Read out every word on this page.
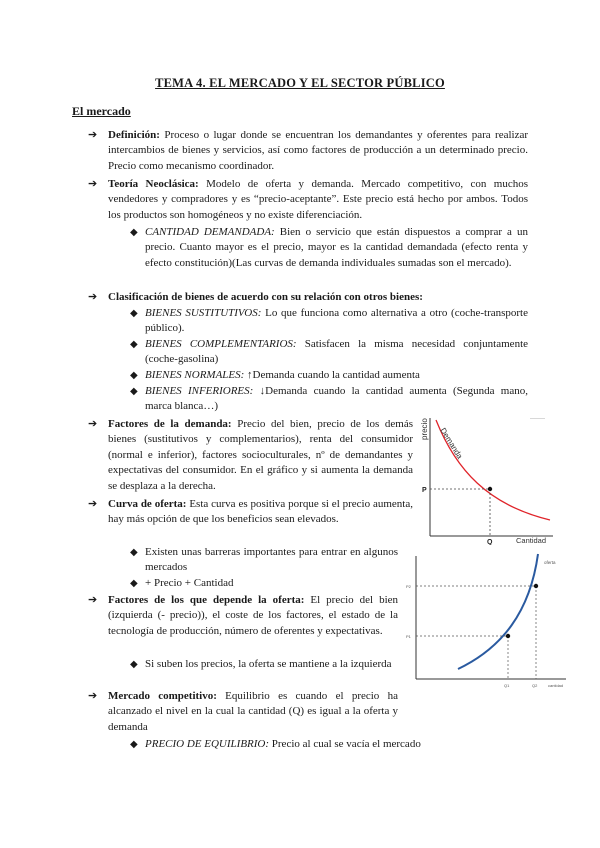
TEMA 4. EL MERCADO Y EL SECTOR PÚBLICO
El mercado
➔ Definición: Proceso o lugar donde se encuentran los demandantes y oferentes para realizar intercambios de bienes y servicios, así como factores de producción a un determinado precio. Precio como mecanismo coordinador.
➔ Teoría Neoclásica: Modelo de oferta y demanda. Mercado competitivo, con muchos vendedores y compradores y es “precio-aceptante”. Este precio está hecho por ambos. Todos los productos son homogéneos y no existe diferenciación.
◆ CANTIDAD DEMANDADA: Bien o servicio que están dispuestos a comprar a un precio. Cuanto mayor es el precio, mayor es la cantidad demandada (efecto renta y efecto constitución)(Las curvas de demanda individuales sumadas son el mercado).
➔ Clasificación de bienes de acuerdo con su relación con otros bienes:
◆ BIENES SUSTITUTIVOS: Lo que funciona como alternativa a otro (coche-transporte público).
◆ BIENES COMPLEMENTARIOS: Satisfacen la misma necesidad conjuntamente (coche-gasolina)
◆ BIENES NORMALES: ↑Demanda cuando la cantidad aumenta
◆ BIENES INFERIORES: ↓Demanda cuando la cantidad aumenta (Segunda mano, marca blanca…)
➔ Factores de la demanda: Precio del bien, precio de los demás bienes (sustitutivos y complementarios), renta del consumidor (normal e inferior), factores socioculturales, nº de demandantes y expectativas del consumidor. En el gráfico y si aumenta la demanda se desplaza a la derecha.
➔ Curva de oferta: Esta curva es positiva porque si el precio aumenta, hay más opción de que los beneficios sean elevados.
◆ Existen unas barreras importantes para entrar en algunos mercados
◆ + Precio + Cantidad
➔ Factores de los que depende la oferta: El precio del bien (izquierda (- precio)), el coste de los factores, el estado de la tecnología de producción, número de oferentes y expectativas.
◆ Si suben los precios, la oferta se mantiene a la izquierda
➔ Mercado competitivo: Equilibrio es cuando el precio ha alcanzado el nivel en la cual la cantidad (Q) es igual a la oferta y demanda
◆ PRECIO DE EQUILIBRIO: Precio al cual se vacía el mercado
precio Demanda
P
Q	Cantidad
———
oferta
P2
P1
Q1	Q2	cantidad
